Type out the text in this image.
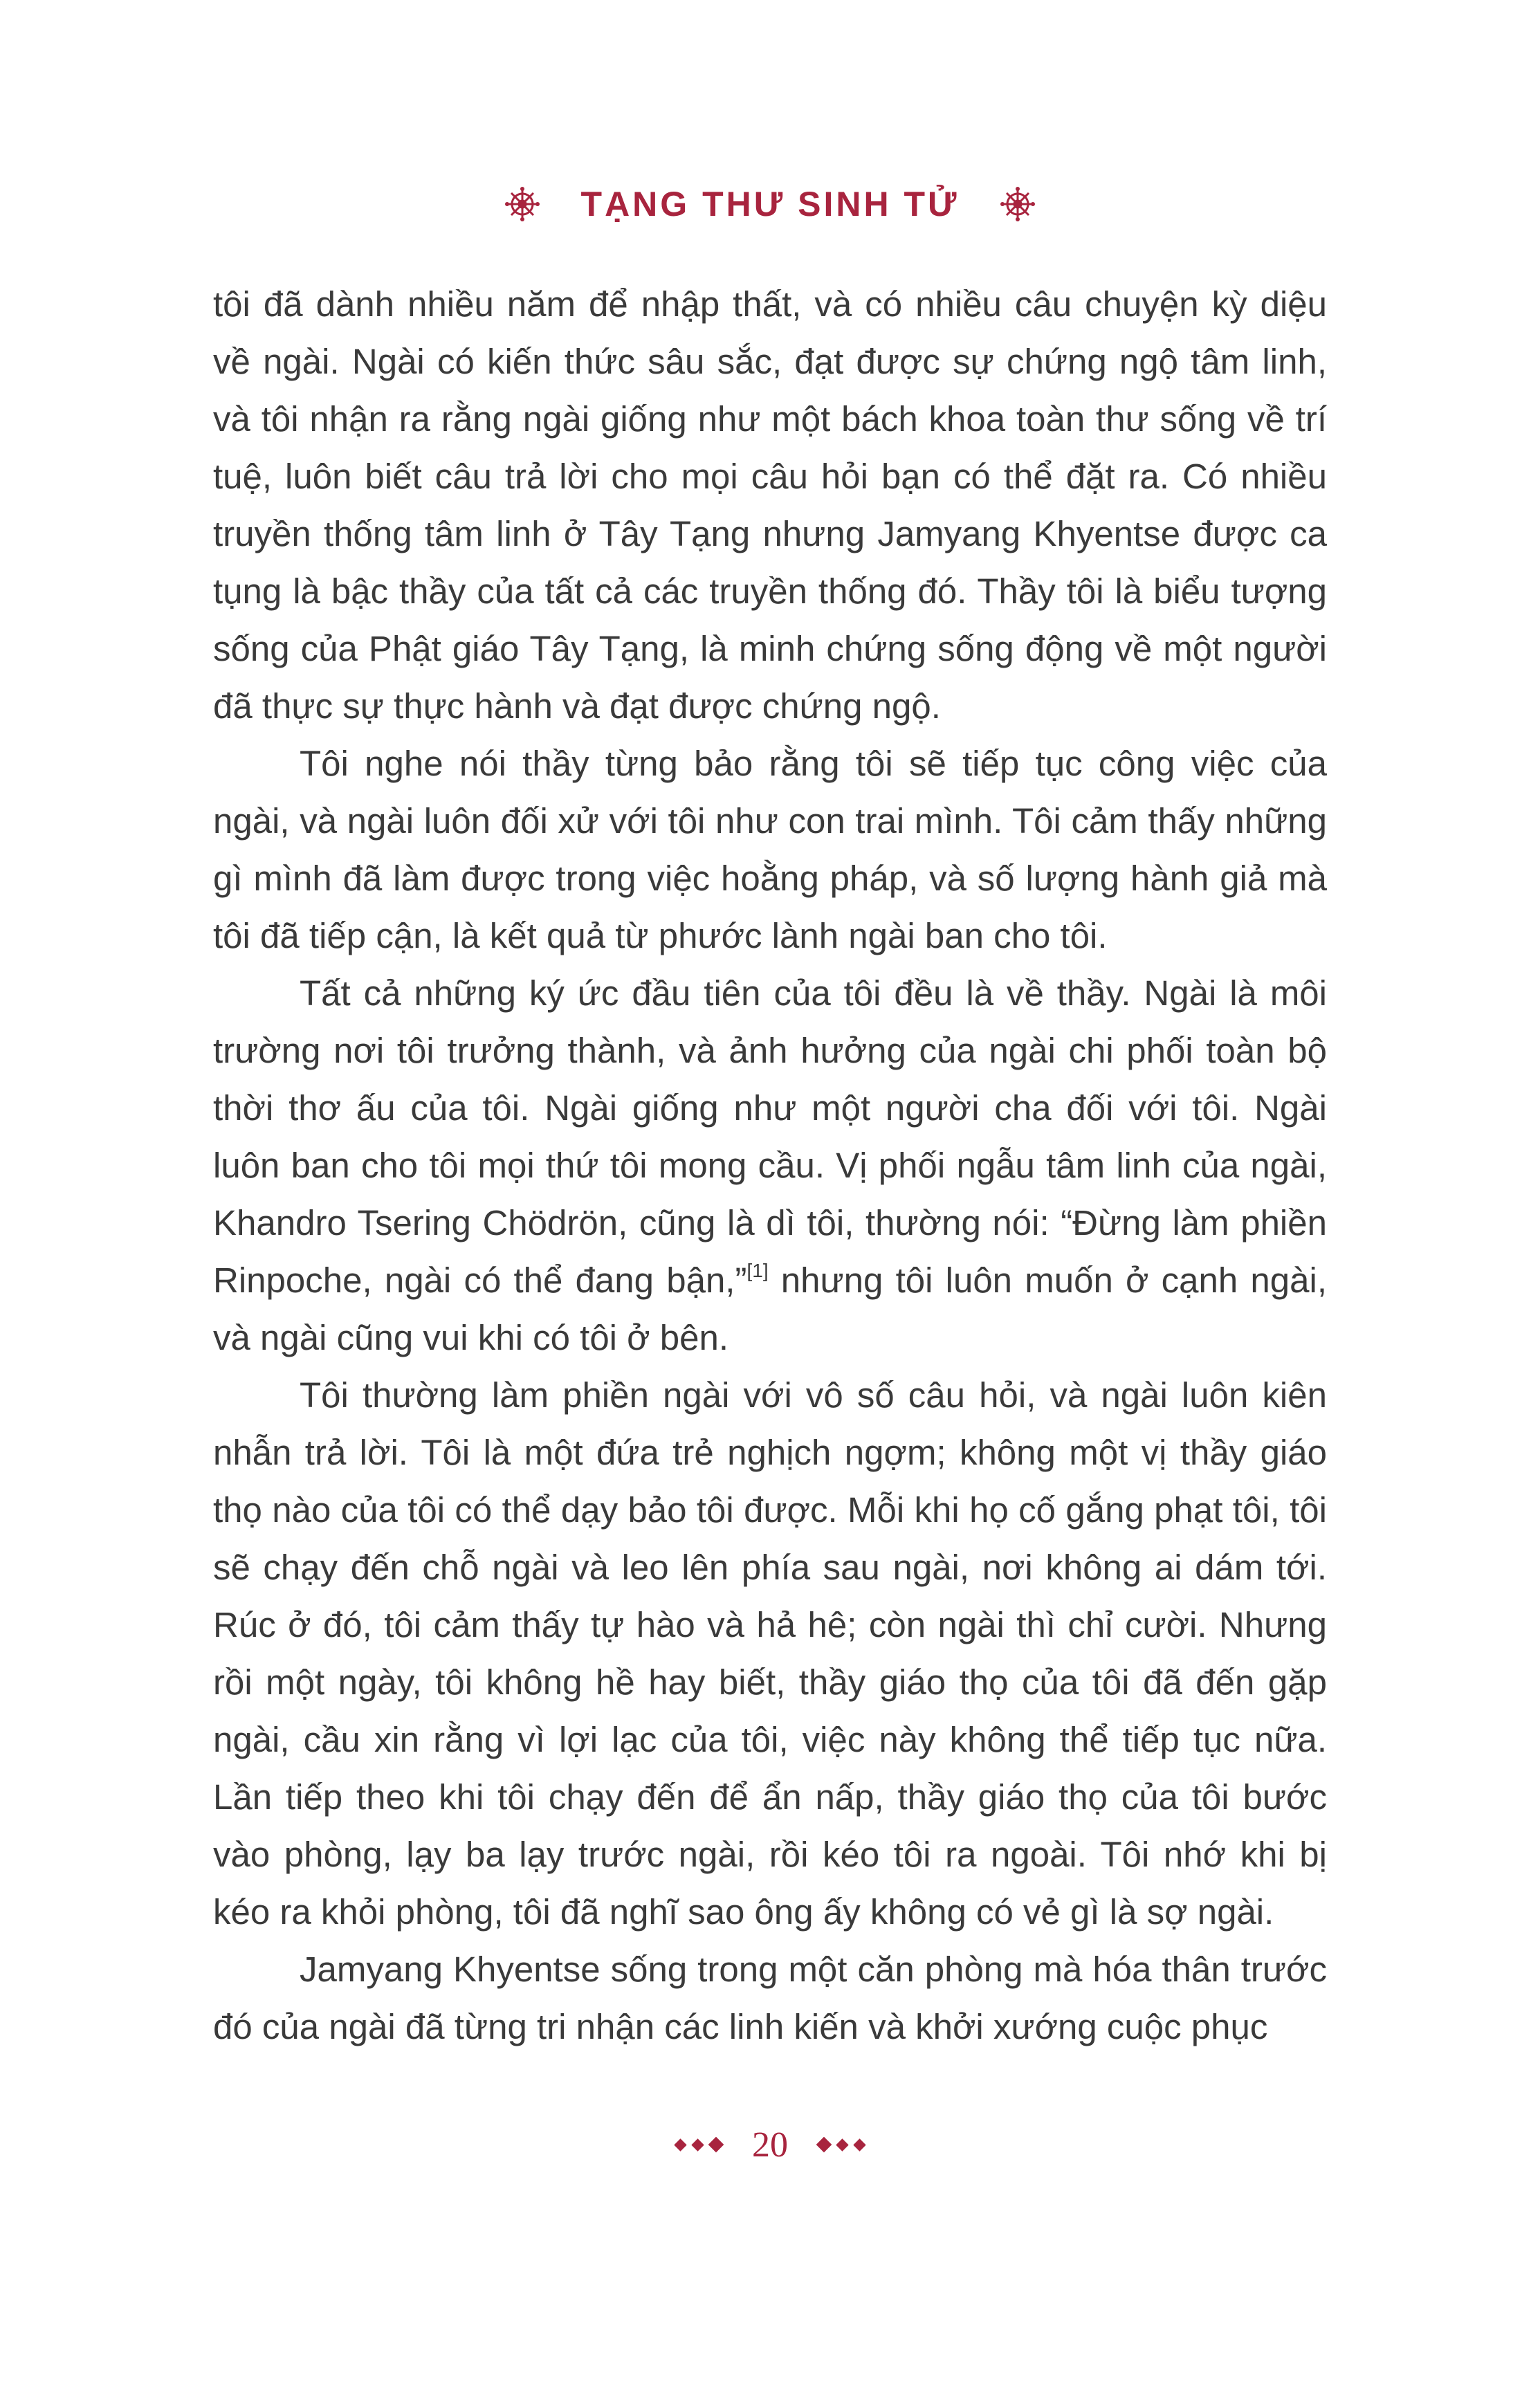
TẠNG THƯ SINH TỬ

tôi đã dành nhiều năm để nhập thất, và có nhiều câu chuyện kỳ diệu về ngài. Ngài có kiến thức sâu sắc, đạt được sự chứng ngộ tâm linh, và tôi nhận ra rằng ngài giống như một bách khoa toàn thư sống về trí tuệ, luôn biết câu trả lời cho mọi câu hỏi bạn có thể đặt ra. Có nhiều truyền thống tâm linh ở Tây Tạng nhưng Jamyang Khyentse được ca tụng là bậc thầy của tất cả các truyền thống đó. Thầy tôi là biểu tượng sống của Phật giáo Tây Tạng, là minh chứng sống động về một người đã thực sự thực hành và đạt được chứng ngộ.

Tôi nghe nói thầy từng bảo rằng tôi sẽ tiếp tục công việc của ngài, và ngài luôn đối xử với tôi như con trai mình. Tôi cảm thấy những gì mình đã làm được trong việc hoằng pháp, và số lượng hành giả mà tôi đã tiếp cận, là kết quả từ phước lành ngài ban cho tôi.

Tất cả những ký ức đầu tiên của tôi đều là về thầy. Ngài là môi trường nơi tôi trưởng thành, và ảnh hưởng của ngài chi phối toàn bộ thời thơ ấu của tôi. Ngài giống như một người cha đối với tôi. Ngài luôn ban cho tôi mọi thứ tôi mong cầu. Vị phối ngẫu tâm linh của ngài, Khandro Tsering Chödrön, cũng là dì tôi, thường nói: “Đừng làm phiền Rinpoche, ngài có thể đang bận,”[1] nhưng tôi luôn muốn ở cạnh ngài, và ngài cũng vui khi có tôi ở bên.

Tôi thường làm phiền ngài với vô số câu hỏi, và ngài luôn kiên nhẫn trả lời. Tôi là một đứa trẻ nghịch ngợm; không một vị thầy giáo thọ nào của tôi có thể dạy bảo tôi được. Mỗi khi họ cố gắng phạt tôi, tôi sẽ chạy đến chỗ ngài và leo lên phía sau ngài, nơi không ai dám tới. Rúc ở đó, tôi cảm thấy tự hào và hả hê; còn ngài thì chỉ cười. Nhưng rồi một ngày, tôi không hề hay biết, thầy giáo thọ của tôi đã đến gặp ngài, cầu xin rằng vì lợi lạc của tôi, việc này không thể tiếp tục nữa. Lần tiếp theo khi tôi chạy đến để ẩn nấp, thầy giáo thọ của tôi bước vào phòng, lạy ba lạy trước ngài, rồi kéo tôi ra ngoài. Tôi nhớ khi bị kéo ra khỏi phòng, tôi đã nghĩ sao ông ấy không có vẻ gì là sợ ngài.

Jamyang Khyentse sống trong một căn phòng mà hóa thân trước đó của ngài đã từng tri nhận các linh kiến và khởi xướng cuộc phục

20
